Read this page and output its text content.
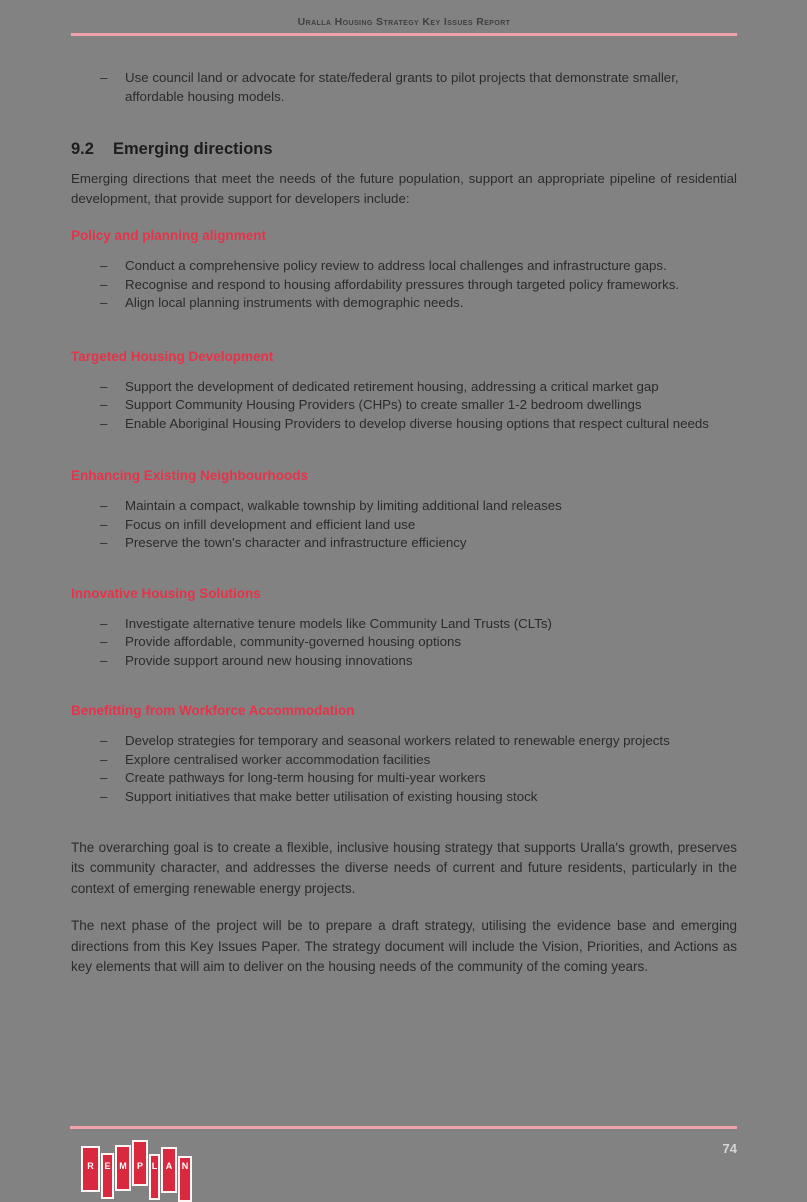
Uralla Housing Strategy Key Issues Report
– Use council land or advocate for state/federal grants to pilot projects that demonstrate smaller, affordable housing models.
9.2 Emerging directions
Emerging directions that meet the needs of the future population, support an appropriate pipeline of residential development, that provide support for developers include:
Policy and planning alignment
– Conduct a comprehensive policy review to address local challenges and infrastructure gaps.
– Recognise and respond to housing affordability pressures through targeted policy frameworks.
– Align local planning instruments with demographic needs.
Targeted Housing Development
– Support the development of dedicated retirement housing, addressing a critical market gap
– Support Community Housing Providers (CHPs) to create smaller 1-2 bedroom dwellings
– Enable Aboriginal Housing Providers to develop diverse housing options that respect cultural needs
Enhancing Existing Neighbourhoods
– Maintain a compact, walkable township by limiting additional land releases
– Focus on infill development and efficient land use
– Preserve the town's character and infrastructure efficiency
Innovative Housing Solutions
– Investigate alternative tenure models like Community Land Trusts (CLTs)
– Provide affordable, community-governed housing options
– Provide support around new housing innovations
Benefitting from Workforce Accommodation
– Develop strategies for temporary and seasonal workers related to renewable energy projects
– Explore centralised worker accommodation facilities
– Create pathways for long-term housing for multi-year workers
– Support initiatives that make better utilisation of existing housing stock
The overarching goal is to create a flexible, inclusive housing strategy that supports Uralla's growth, preserves its community character, and addresses the diverse needs of current and future residents, particularly in the context of emerging renewable energy projects.
The next phase of the project will be to prepare a draft strategy, utilising the evidence base and emerging directions from this Key Issues Paper. The strategy document will include the Vision, Priorities, and Actions as key elements that will aim to deliver on the housing needs of the community of the coming years.
R	E M	P L A	N
74
